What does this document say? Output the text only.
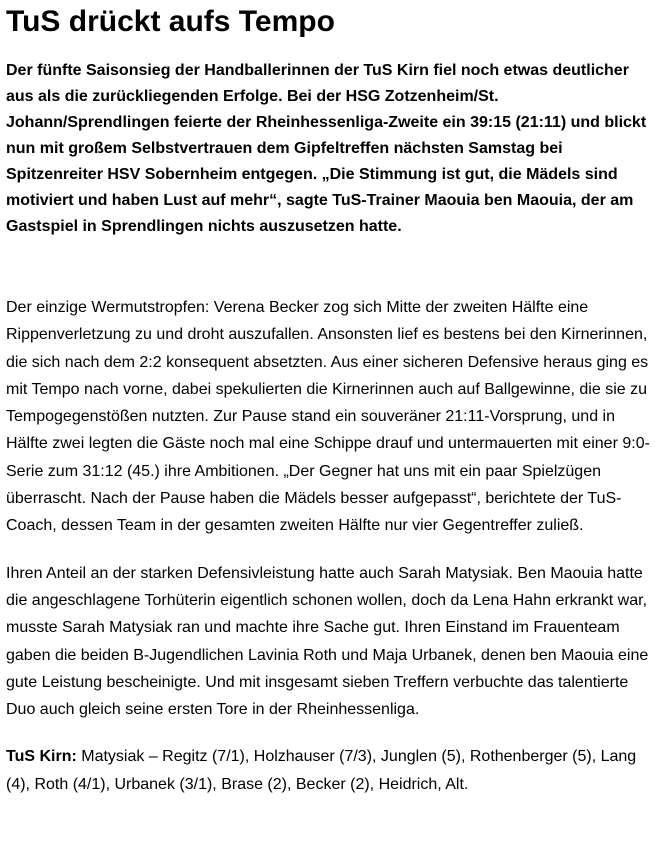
TuS drückt aufs Tempo

Der fünfte Saisonsieg der Handballerinnen der TuS Kirn fiel noch etwas deutlicher aus als die zurückliegenden Erfolge. Bei der HSG Zotzenheim/St. Johann/Sprendlingen feierte der Rheinhessenliga-Zweite ein 39:15 (21:11) und blickt nun mit großem Selbstvertrauen dem Gipfeltreffen nächsten Samstag bei Spitzenreiter HSV Sobernheim entgegen. „Die Stimmung ist gut, die Mädels sind motiviert und haben Lust auf mehr“, sagte TuS-Trainer Maouia ben Maouia, der am Gastspiel in Sprendlingen nichts auszusetzen hatte.

Der einzige Wermutstropfen: Verena Becker zog sich Mitte der zweiten Hälfte eine Rippenverletzung zu und droht auszufallen. Ansonsten lief es bestens bei den Kirnerinnen, die sich nach dem 2:2 konsequent absetzten. Aus einer sicheren Defensive heraus ging es mit Tempo nach vorne, dabei spekulierten die Kirnerinnen auch auf Ballgewinne, die sie zu Tempogegenstößen nutzten. Zur Pause stand ein souveräner 21:11-Vorsprung, und in Hälfte zwei legten die Gäste noch mal eine Schippe drauf und untermauerten mit einer 9:0-Serie zum 31:12 (45.) ihre Ambitionen. „Der Gegner hat uns mit ein paar Spielzügen überrascht. Nach der Pause haben die Mädels besser aufgepasst“, berichtete der TuS-Coach, dessen Team in der gesamten zweiten Hälfte nur vier Gegentreffer zuließ.

Ihren Anteil an der starken Defensivleistung hatte auch Sarah Matysiak. Ben Maouia hatte die angeschlagene Torhüterin eigentlich schonen wollen, doch da Lena Hahn erkrankt war, musste Sarah Matysiak ran und machte ihre Sache gut. Ihren Einstand im Frauenteam gaben die beiden B-Jugendlichen Lavinia Roth und Maja Urbanek, denen ben Maouia eine gute Leistung bescheinigte. Und mit insgesamt sieben Treffern verbuchte das talentierte Duo auch gleich seine ersten Tore in der Rheinhessenliga.

TuS Kirn: Matysiak – Regitz (7/1), Holzhauser (7/3), Junglen (5), Rothenberger (5), Lang (4), Roth (4/1), Urbanek (3/1), Brase (2), Becker (2), Heidrich, Alt.
